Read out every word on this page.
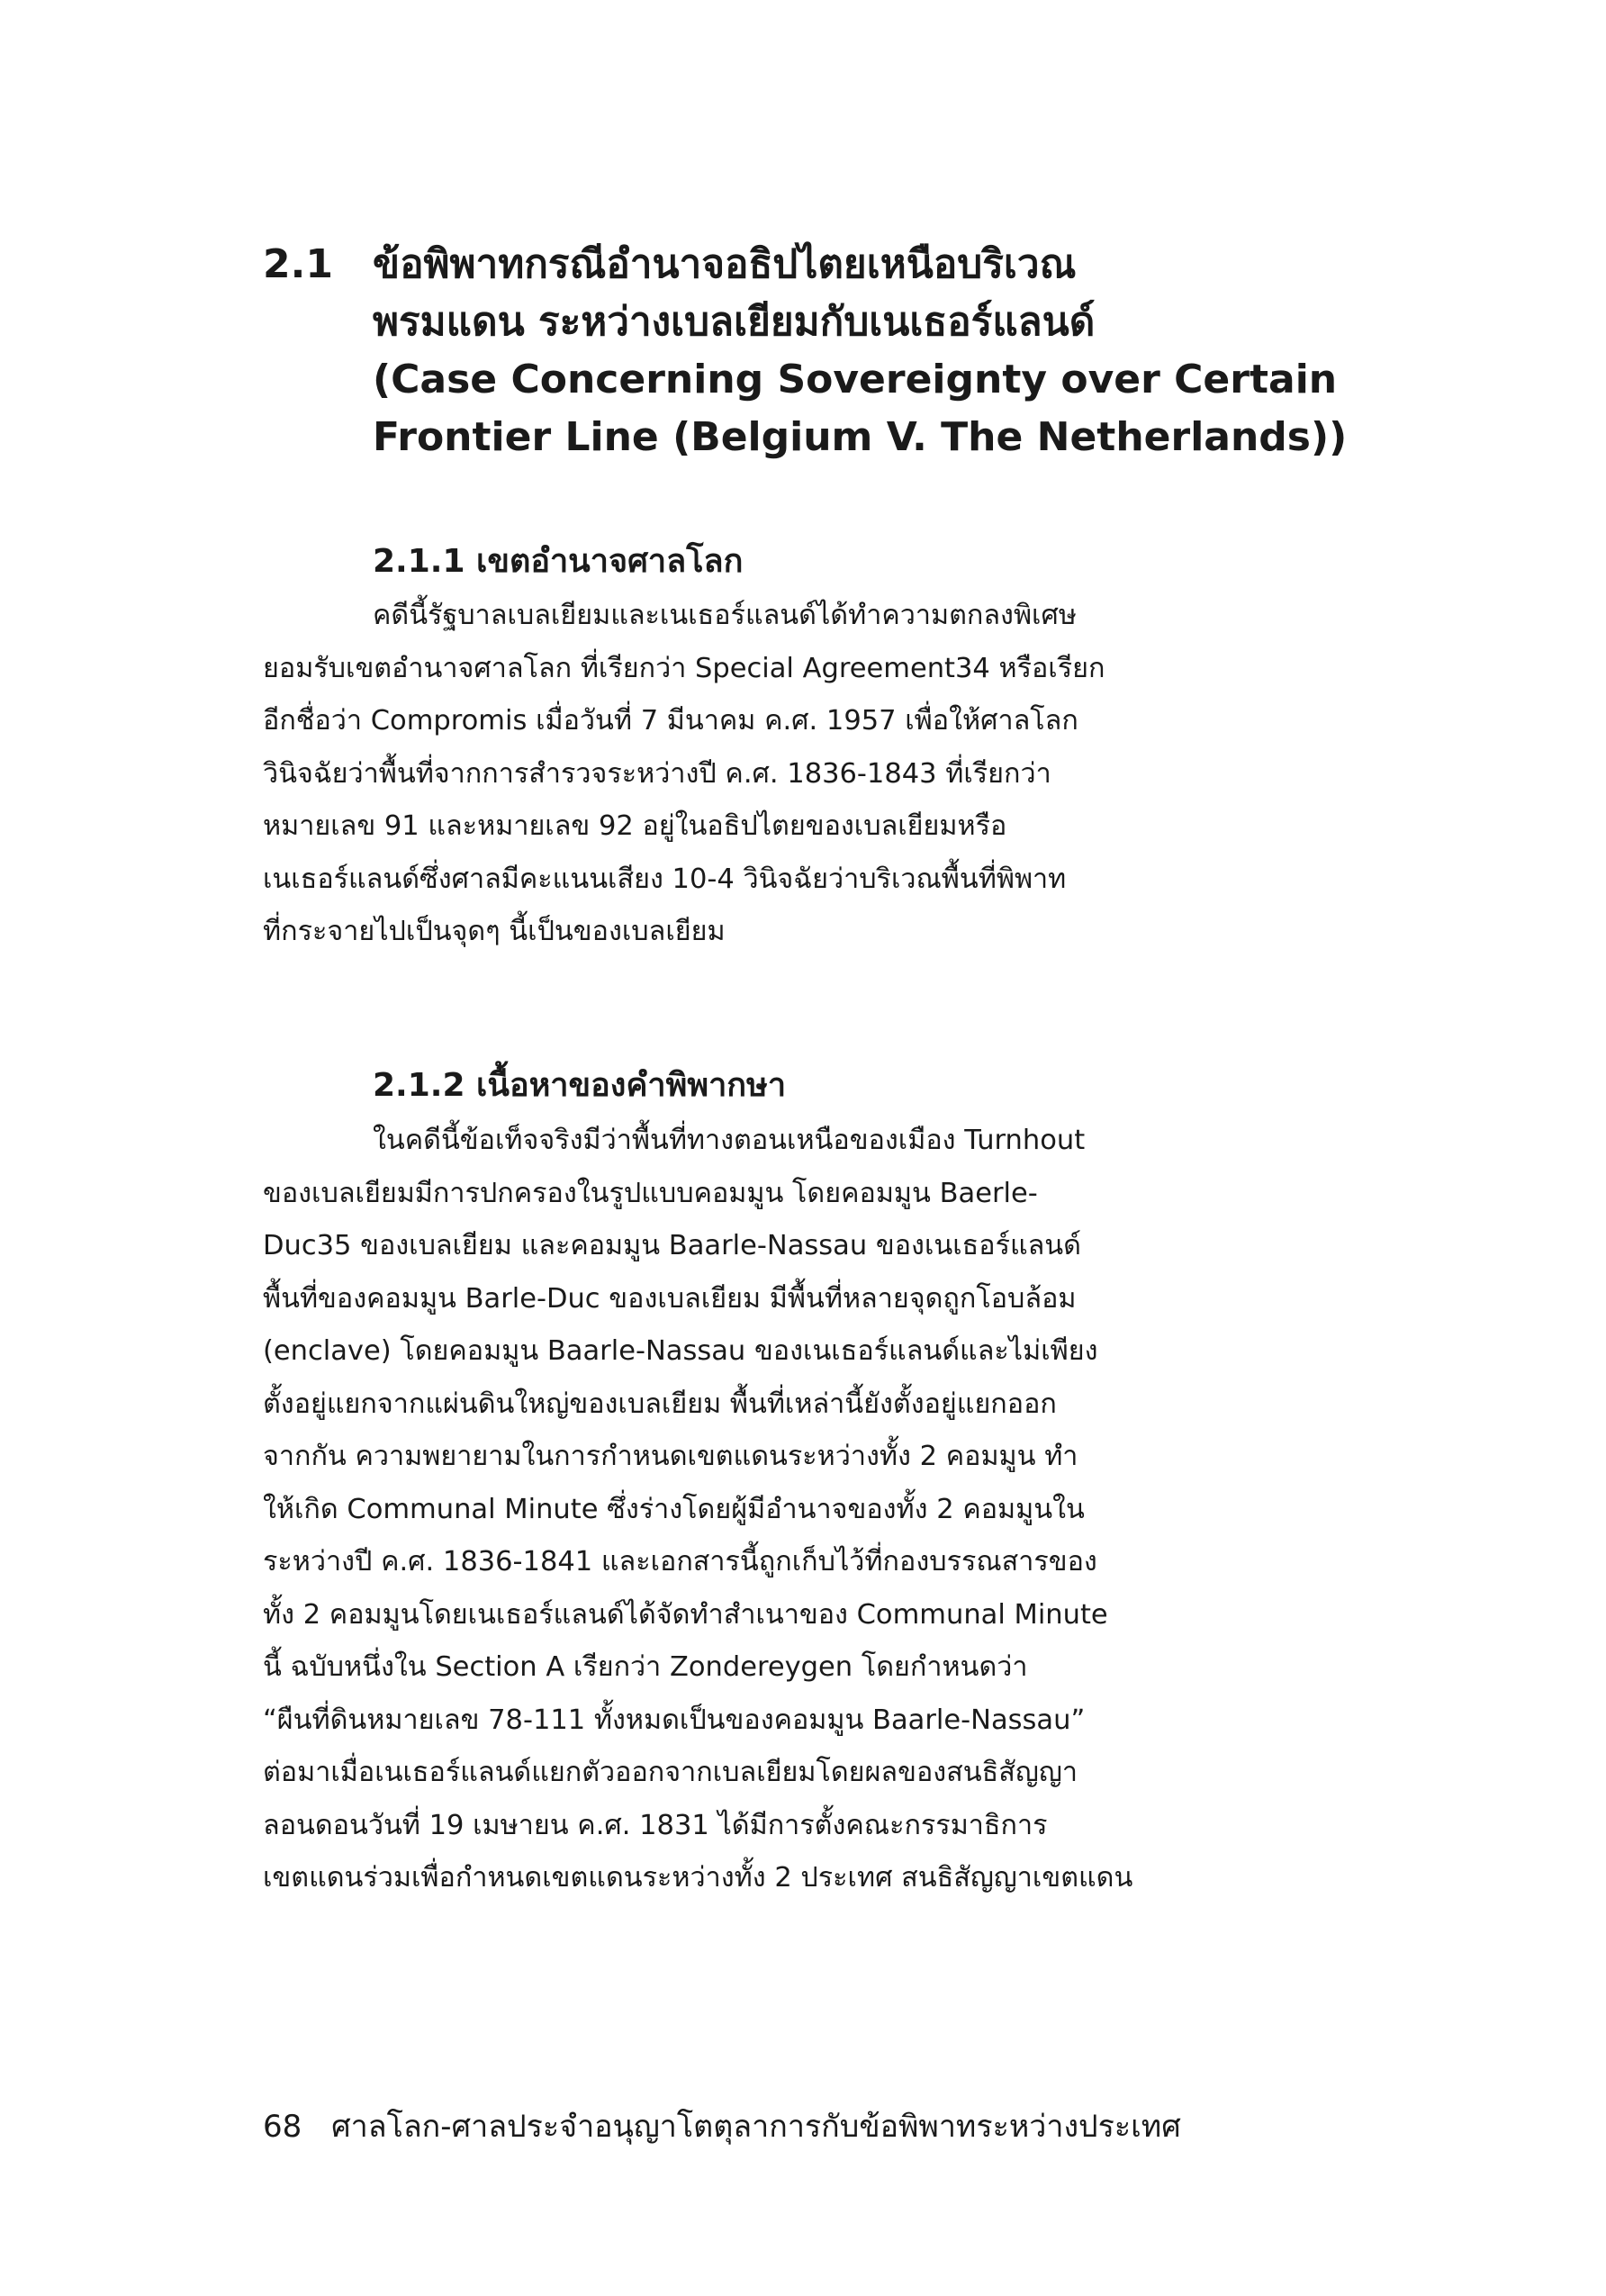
2.1 ข้อพิพาทกรณีอำนาจอธิปไตยเหนือบริเวณ
พรมแดน ระหว่างเบลเยียมกับเนเธอร์แลนด์
(Case Concerning Sovereignty over Certain
Frontier Line (Belgium V. The Netherlands))
2.1.1 เขตอำนาจศาลโลก
คดีนี้รัฐบาลเบลเยียมและเนเธอร์แลนด์ได้ทำความตกลงพิเศษ
ยอมรับเขตอำนาจศาลโลก ที่เรียกว่า Special Agreement34 หรือเรียก
อีกชื่อว่า Compromis เมื่อวันที่ 7 มีนาคม ค.ศ. 1957 เพื่อให้ศาลโลก
วินิจฉัยว่าพื้นที่จากการสำรวจระหว่างปี ค.ศ. 1836-1843 ที่เรียกว่า
หมายเลข 91 และหมายเลข 92 อยู่ในอธิปไตยของเบลเยียมหรือ
เนเธอร์แลนด์ซึ่งศาลมีคะแนนเสียง 10-4 วินิจฉัยว่าบริเวณพื้นที่พิพาท
ที่กระจายไปเป็นจุดๆ นี้เป็นของเบลเยียม
2.1.2 เนื้อหาของคำพิพากษา
ในคดีนี้ข้อเท็จจริงมีว่าพื้นที่ทางตอนเหนือของเมือง Turnhout
ของเบลเยียมมีการปกครองในรูปแบบคอมมูน โดยคอมมูน Baerle-
Duc35 ของเบลเยียม และคอมมูน Baarle-Nassau ของเนเธอร์แลนด์
พื้นที่ของคอมมูน Barle-Duc ของเบลเยียม มีพื้นที่หลายจุดถูกโอบล้อม
(enclave) โดยคอมมูน Baarle-Nassau ของเนเธอร์แลนด์และไม่เพียง
ตั้งอยู่แยกจากแผ่นดินใหญ่ของเบลเยียม พื้นที่เหล่านี้ยังตั้งอยู่แยกออก
จากกัน ความพยายามในการกำหนดเขตแดนระหว่างทั้ง 2 คอมมูน ทำ
ให้เกิด Communal Minute ซึ่งร่างโดยผู้มีอำนาจของทั้ง 2 คอมมูนใน
ระหว่างปี ค.ศ. 1836-1841 และเอกสารนี้ถูกเก็บไว้ที่กองบรรณสารของ
ทั้ง 2 คอมมูนโดยเนเธอร์แลนด์ได้จัดทำสำเนาของ Communal Minute
นี้ ฉบับหนึ่งใน Section A เรียกว่า Zondereygen โดยกำหนดว่า
“ผืนที่ดินหมายเลข 78-111 ทั้งหมดเป็นของคอมมูน Baarle-Nassau”
ต่อมาเมื่อเนเธอร์แลนด์แยกตัวออกจากเบลเยียมโดยผลของสนธิสัญญา
ลอนดอนวันที่ 19 เมษายน ค.ศ. 1831 ได้มีการตั้งคณะกรรมาธิการ
เขตแดนร่วมเพื่อกำหนดเขตแดนระหว่างทั้ง 2 ประเทศ สนธิสัญญาเขตแดน
68 ศาลโลก-ศาลประจำอนุญาโตตุลาการกับข้อพิพาทระหว่างประเทศ
